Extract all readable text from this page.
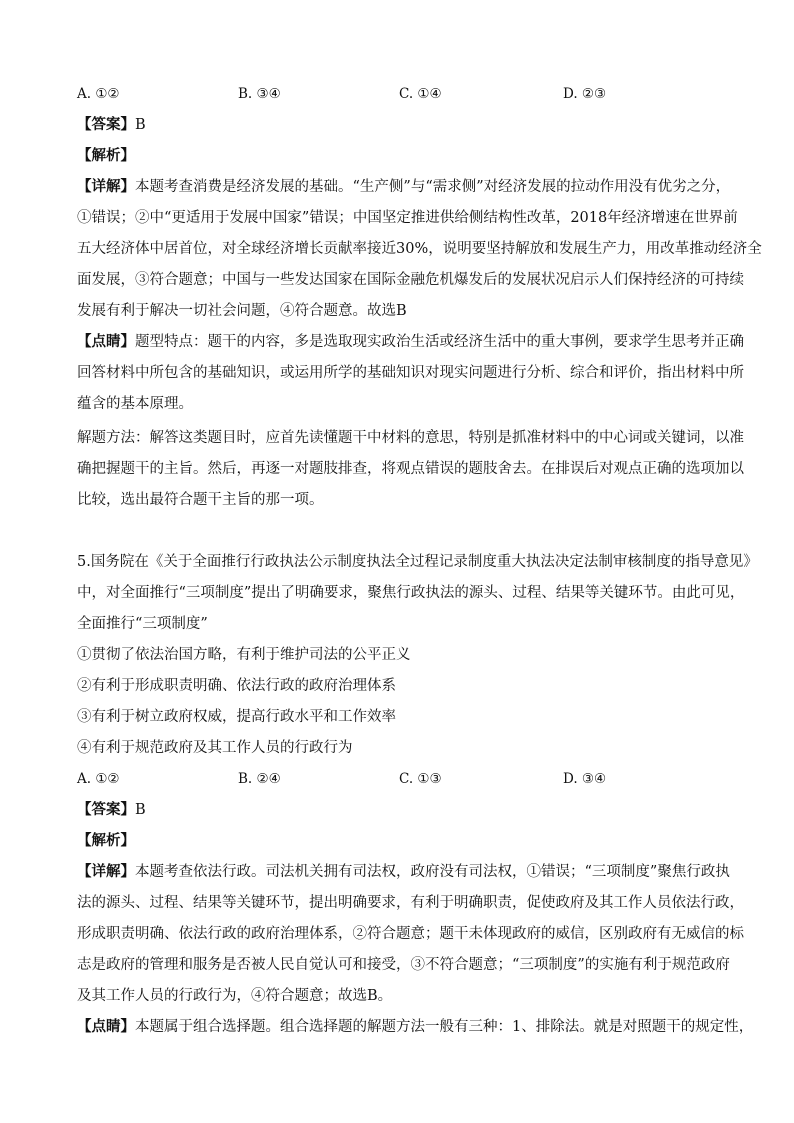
A. ①②	B. ③④	C. ①④	D. ②③
【答案】B
【解析】
【详解】本题考查消费是经济发展的基础。“生产侧”与“需求侧”对经济发展的拉动作用没有优劣之分，
①错误；②中“更适用于发展中国家”错误；中国坚定推进供给侧结构性改革，2018年经济增速在世界前
五大经济体中居首位，对全球经济增长贡献率接近30%，说明要坚持解放和发展生产力，用改革推动经济全
面发展，③符合题意；中国与一些发达国家在国际金融危机爆发后的发展状况启示人们保持经济的可持续
发展有利于解决一切社会问题，④符合题意。故选B
【点睛】题型特点：题干的内容，多是选取现实政治生活或经济生活中的重大事例，要求学生思考并正确
回答材料中所包含的基础知识，或运用所学的基础知识对现实问题进行分析、综合和评价，指出材料中所
蕴含的基本原理。
解题方法：解答这类题目时，应首先读懂题干中材料的意思，特别是抓准材料中的中心词或关键词，以准
确把握题干的主旨。然后，再逐一对题肢排查，将观点错误的题肢舍去。在排误后对观点正确的选项加以
比较，选出最符合题干主旨的那一项。
5.国务院在《关于全面推行行政执法公示制度执法全过程记录制度重大执法决定法制审核制度的指导意见》
中，对全面推行“三项制度”提出了明确要求，聚焦行政执法的源头、过程、结果等关键环节。由此可见，
全面推行“三项制度”
①贯彻了依法治国方略，有利于维护司法的公平正义
②有利于形成职责明确、依法行政的政府治理体系
③有利于树立政府权威，提高行政水平和工作效率
④有利于规范政府及其工作人员的行政行为
A. ①②	B. ②④	C. ①③	D. ③④
【答案】B
【解析】
【详解】本题考查依法行政。司法机关拥有司法权，政府没有司法权，①错误；“三项制度”聚焦行政执
法的源头、过程、结果等关键环节，提出明确要求，有利于明确职责，促使政府及其工作人员依法行政，
形成职责明确、依法行政的政府治理体系，②符合题意；题干未体现政府的威信，区别政府有无威信的标
志是政府的管理和服务是否被人民自觉认可和接受，③不符合题意；“三项制度”的实施有利于规范政府
及其工作人员的行政行为，④符合题意；故选B。
【点睛】本题属于组合选择题。组合选择题的解题方法一般有三种：1、排除法。就是对照题干的规定性，
